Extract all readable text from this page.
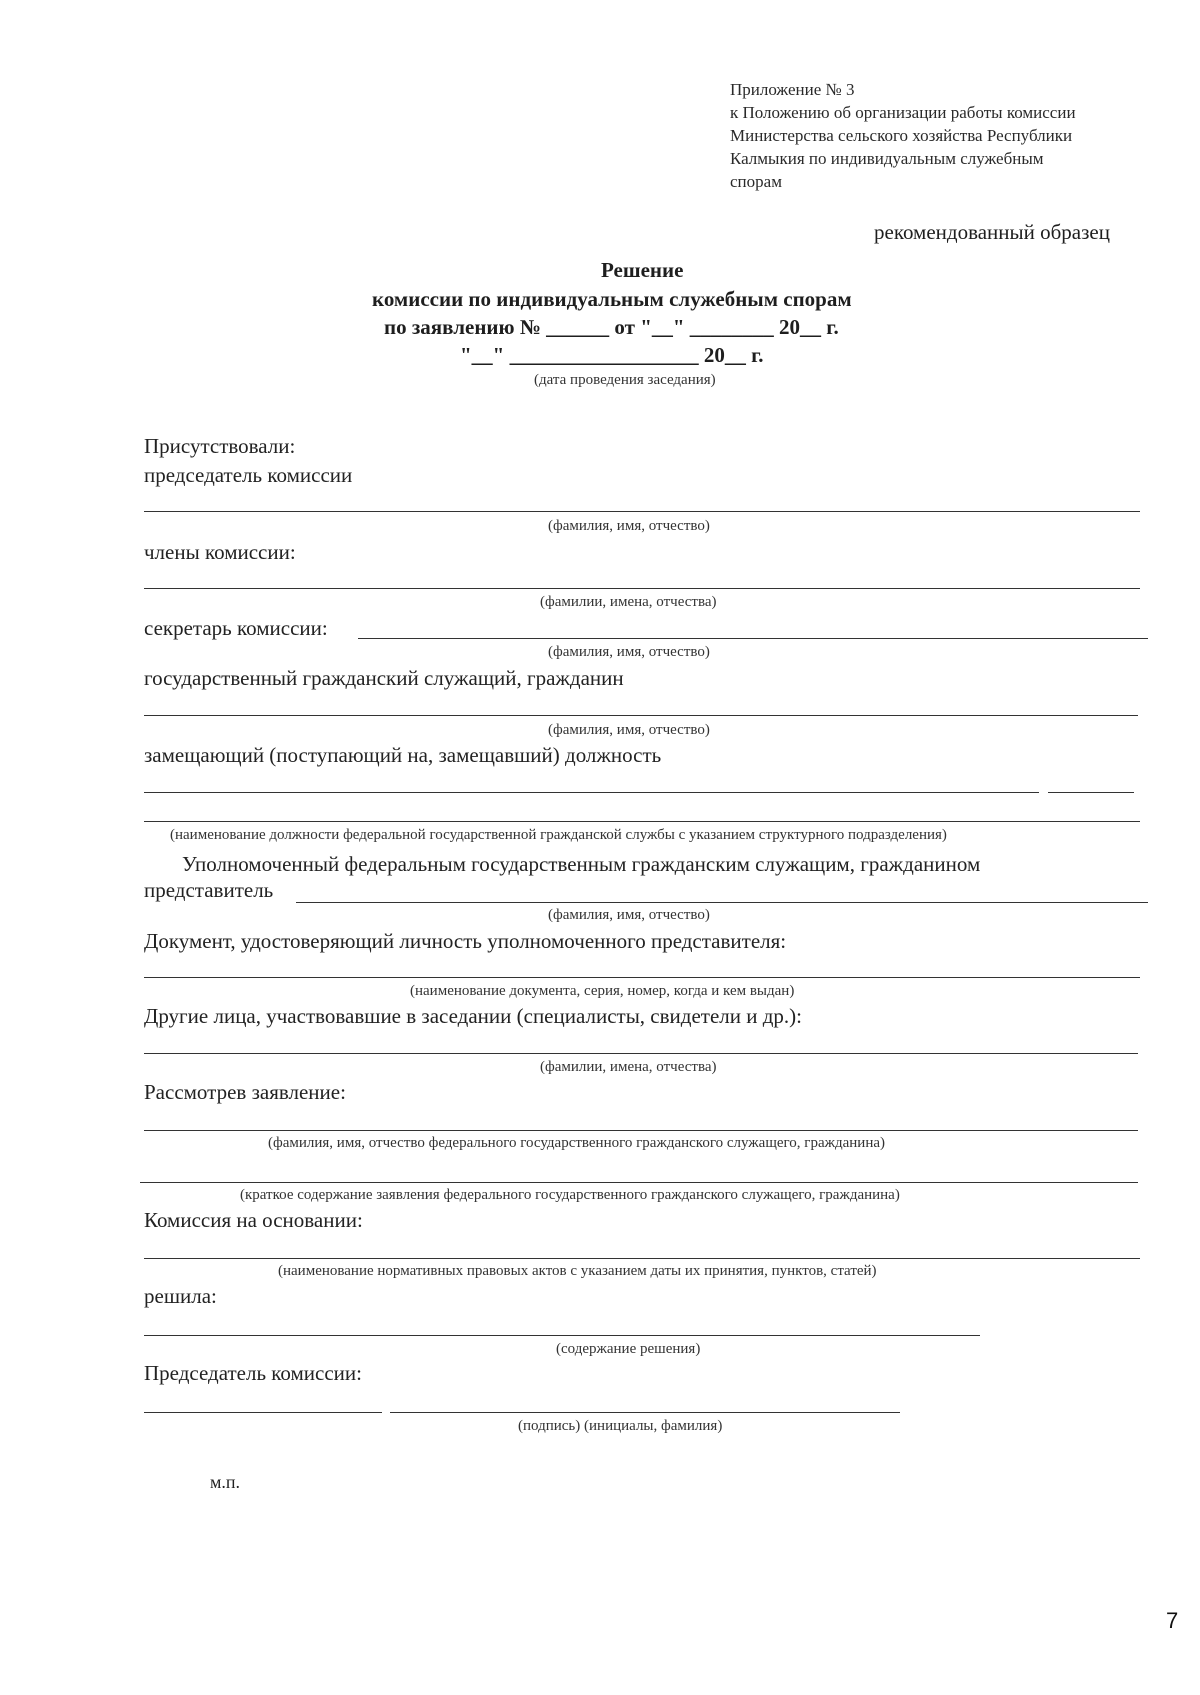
Приложение № 3
к Положению об организации работы комиссии
Министерства сельского хозяйства Республики
Калмыкия по индивидуальным служебным
спорам
рекомендованный образец
Решение
комиссии по индивидуальным служебным спорам
по заявлению № ______ от "__" ________ 20__ г.
"__" __________________ 20__ г.
(дата проведения заседания)
Присутствовали:
председатель комиссии
(фамилия, имя, отчество)
члены комиссии:
(фамилии, имена, отчества)
секретарь комиссии:
(фамилия, имя, отчество)
государственный гражданский служащий, гражданин
(фамилия, имя, отчество)
замещающий (поступающий на, замещавший) должность
(наименование должности федеральной государственной гражданской службы с указанием структурного подразделения)
Уполномоченный федеральным государственным гражданским служащим, гражданином
представитель
(фамилия, имя, отчество)
Документ, удостоверяющий личность уполномоченного представителя:
(наименование документа, серия, номер, когда и кем выдан)
Другие лица, участвовавшие в заседании (специалисты, свидетели и др.):
(фамилии, имена, отчества)
Рассмотрев заявление:
(фамилия, имя, отчество федерального государственного гражданского служащего, гражданина)
(краткое содержание заявления федерального государственного гражданского служащего, гражданина)
Комиссия на основании:
(наименование нормативных правовых актов с указанием даты их принятия, пунктов, статей)
решила:
(содержание решения)
Председатель комиссии:
(подпись) (инициалы, фамилия)
м.п.
7
